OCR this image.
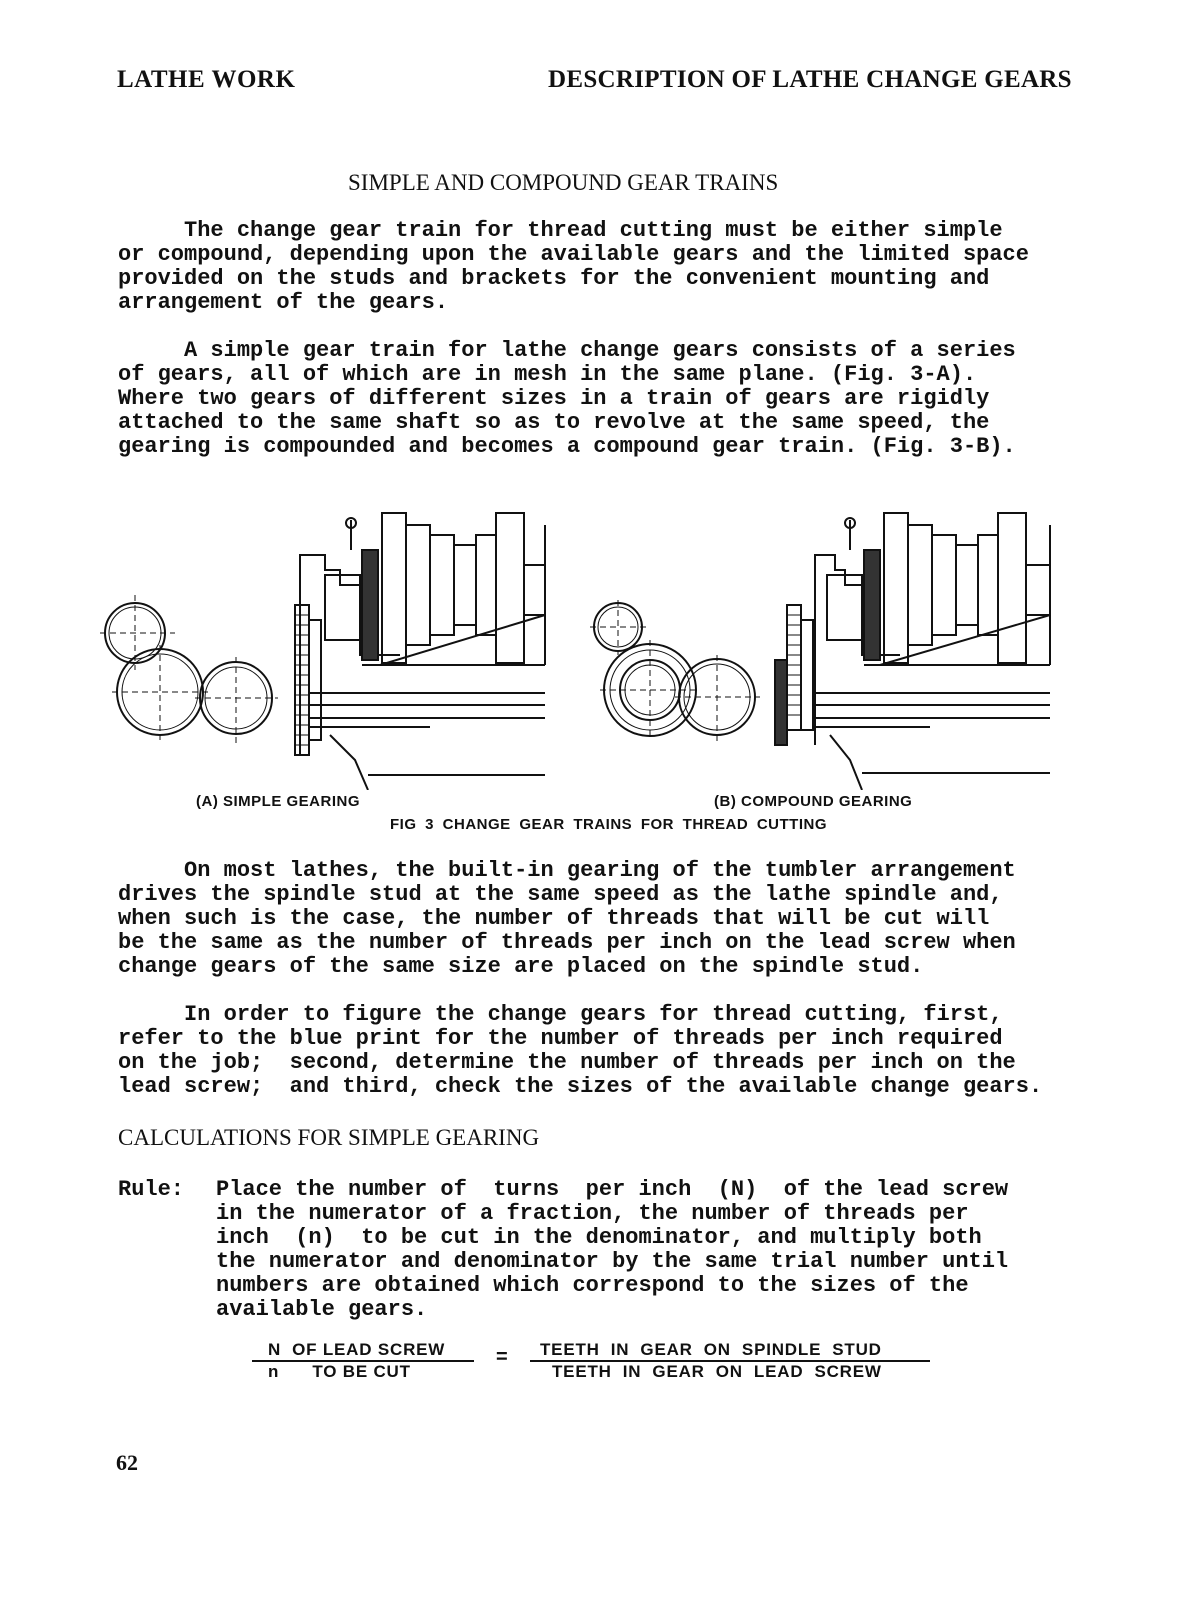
LATHE WORK	DESCRIPTION OF LATHE CHANGE GEARS
SIMPLE AND COMPOUND GEAR TRAINS
The change gear train for thread cutting must be either simple
or compound, depending upon the available gears and the limited space
provided on the studs and brackets for the convenient mounting and
arrangement of the gears.
A simple gear train for lathe change gears consists of a series
of gears, all of which are in mesh in the same plane. (Fig. 3-A).
Where two gears of different sizes in a train of gears are rigidly
attached to the same shaft so as to revolve at the same speed, the
gearing is compounded and becomes a compound gear train. (Fig. 3-B).
(A) SIMPLE GEARING	(B) COMPOUND GEARING
FIG 3 CHANGE GEAR TRAINS FOR THREAD CUTTING
On most lathes, the built-in gearing of the tumbler arrangement
drives the spindle stud at the same speed as the lathe spindle and,
when such is the case, the number of threads that will be cut will
be the same as the number of threads per inch on the lead screw when
change gears of the same size are placed on the spindle stud.
In order to figure the change gears for thread cutting, first,
refer to the blue print for the number of threads per inch required
on the job;  second, determine the number of threads per inch on the
lead screw;  and third, check the sizes of the available change gears.
CALCULATIONS FOR SIMPLE GEARING
Rule: Place the number of  turns  per inch  (N)  of the lead screw
in the numerator of a fraction, the number of threads per
inch  (n)  to be cut in the denominator, and multiply both
the numerator and denominator by the same trial number until
numbers are obtained which correspond to the sizes of the
available gears.
N  OF LEAD SCREW
n      TO BE CUT
= TEETH  IN  GEAR  ON  SPINDLE  STUD
TEETH  IN  GEAR  ON  LEAD  SCREW
62
